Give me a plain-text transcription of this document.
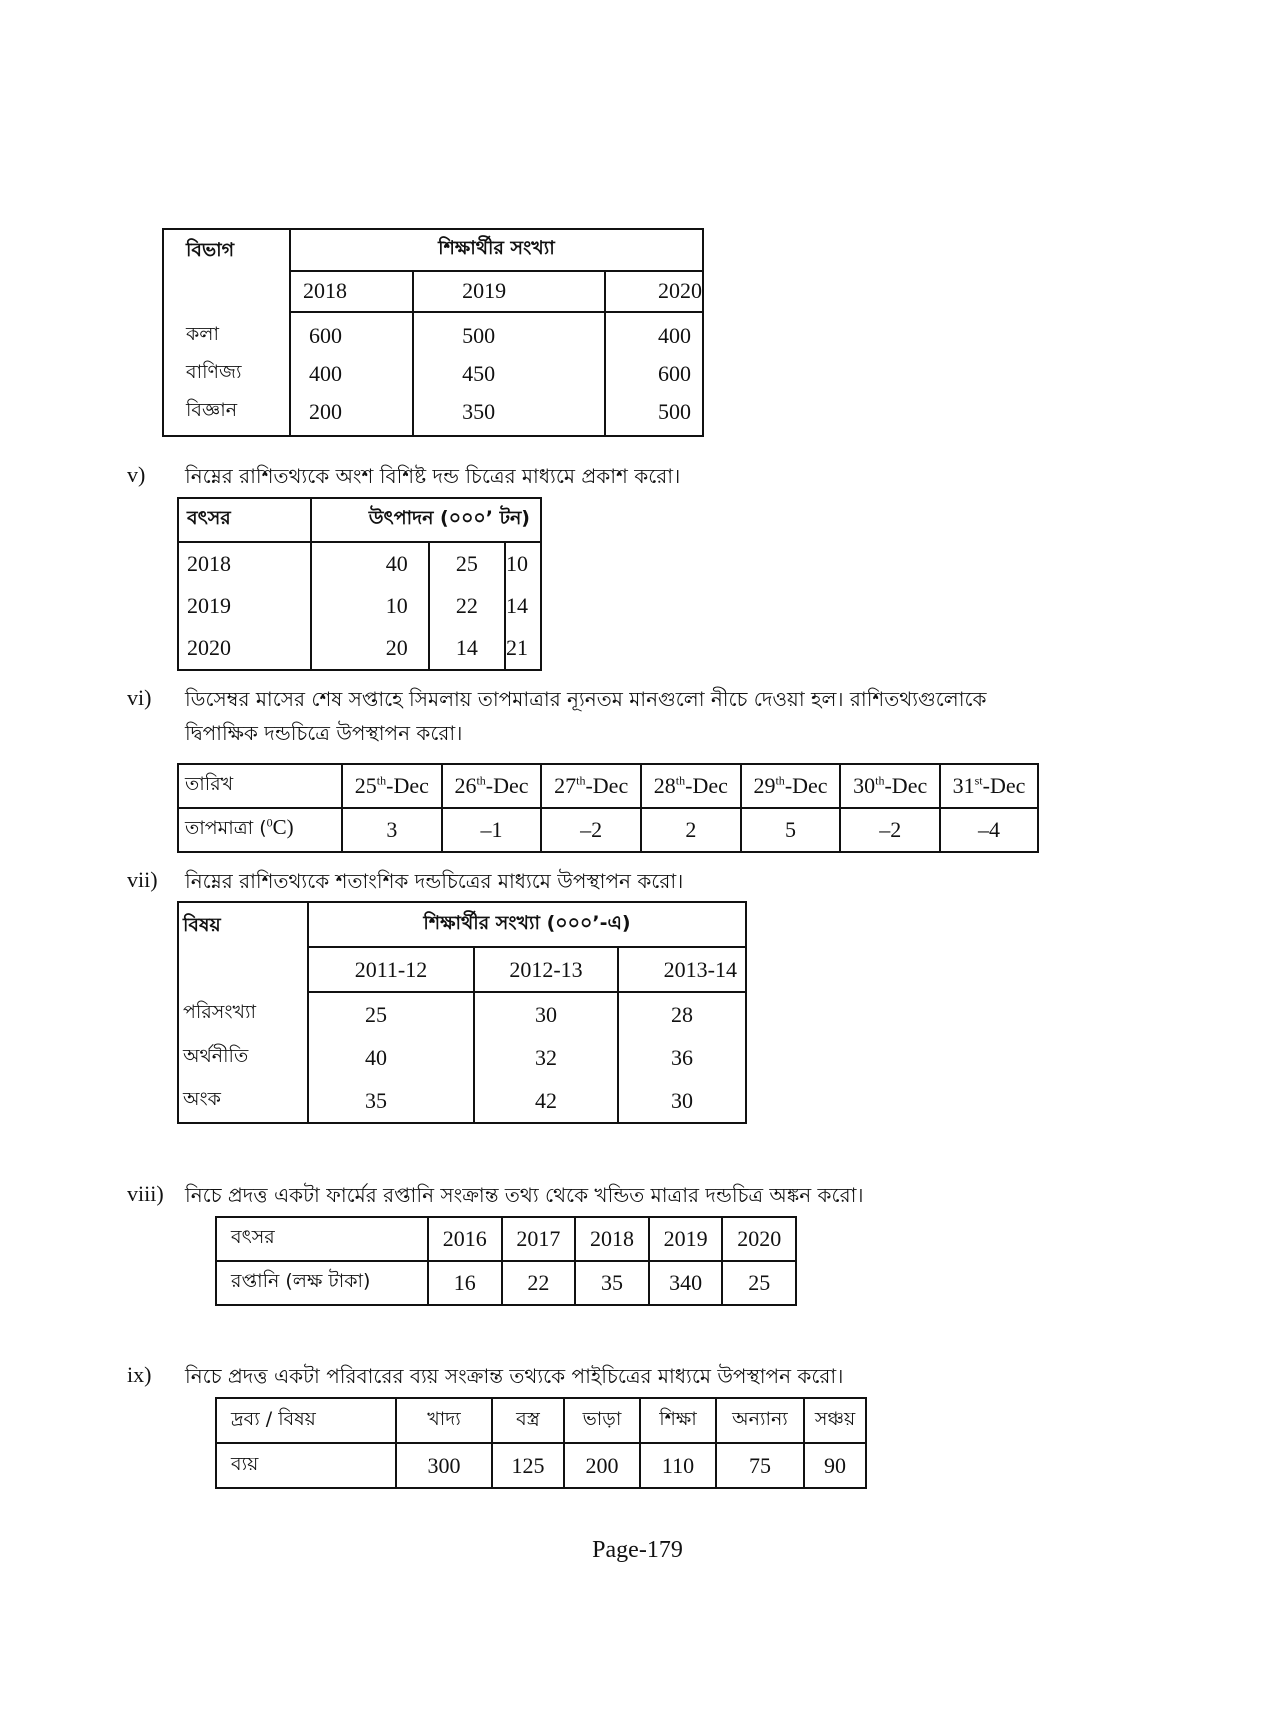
বিভাগ	শিক্ষার্থীর সংখ্যা		
	2018	2019	2020
কলা	600	500	400
বাণিজ্য	400	450	600
বিজ্ঞান	200	350	500
v) নিম্নের রাশিতথ্যকে অংশ বিশিষ্ট দন্ড চিত্রের মাধ্যমে প্রকাশ করো।
বৎসর	উৎপাদন (০০০’ টন)		
2018	40	25	10
2019	10	22	14
2020	20	14	21
vi) ডিসেম্বর মাসের শেষ সপ্তাহে সিমলায় তাপমাত্রার ন্যূনতম মানগুলো নীচে দেওয়া হল। রাশিতথ্যগুলোকে
দ্বিপাক্ষিক দন্ডচিত্রে উপস্থাপন করো।
তারিখ	25th-Dec	26th-Dec	27th-Dec	28th-Dec	29th-Dec	30th-Dec	31st-Dec
তাপমাত্রা ($^0$C)	3	–1	–2	2	5	–2	–4
vii) নিম্নের রাশিতথ্যকে শতাংশিক দন্ডচিত্রের মাধ্যমে উপস্থাপন করো।
বিষয়	শিক্ষার্থীর সংখ্যা (০০০’-এ)		
	2011-12	2012-13	2013-14
পরিসংখ্যা	25	30	28
অর্থনীতি	40	32	36
অংক	35	42	30
viii) নিচে প্রদত্ত একটা ফার্মের রপ্তানি সংক্রান্ত তথ্য থেকে খন্ডিত মাত্রার দন্ডচিত্র অঙ্কন করো।
বৎসর	2016	2017	2018	2019	2020
রপ্তানি (লক্ষ টাকা)	16	22	35	340	25
ix) নিচে প্রদত্ত একটা পরিবারের ব্যয় সংক্রান্ত তথ্যকে পাইচিত্রের মাধ্যমে উপস্থাপন করো।
দ্রব্য / বিষয়	খাদ্য	বস্ত্র	ভাড়া	শিক্ষা	অন্যান্য	সঞ্চয়
ব্যয়	300	125	200	110	75	90
Page-179
